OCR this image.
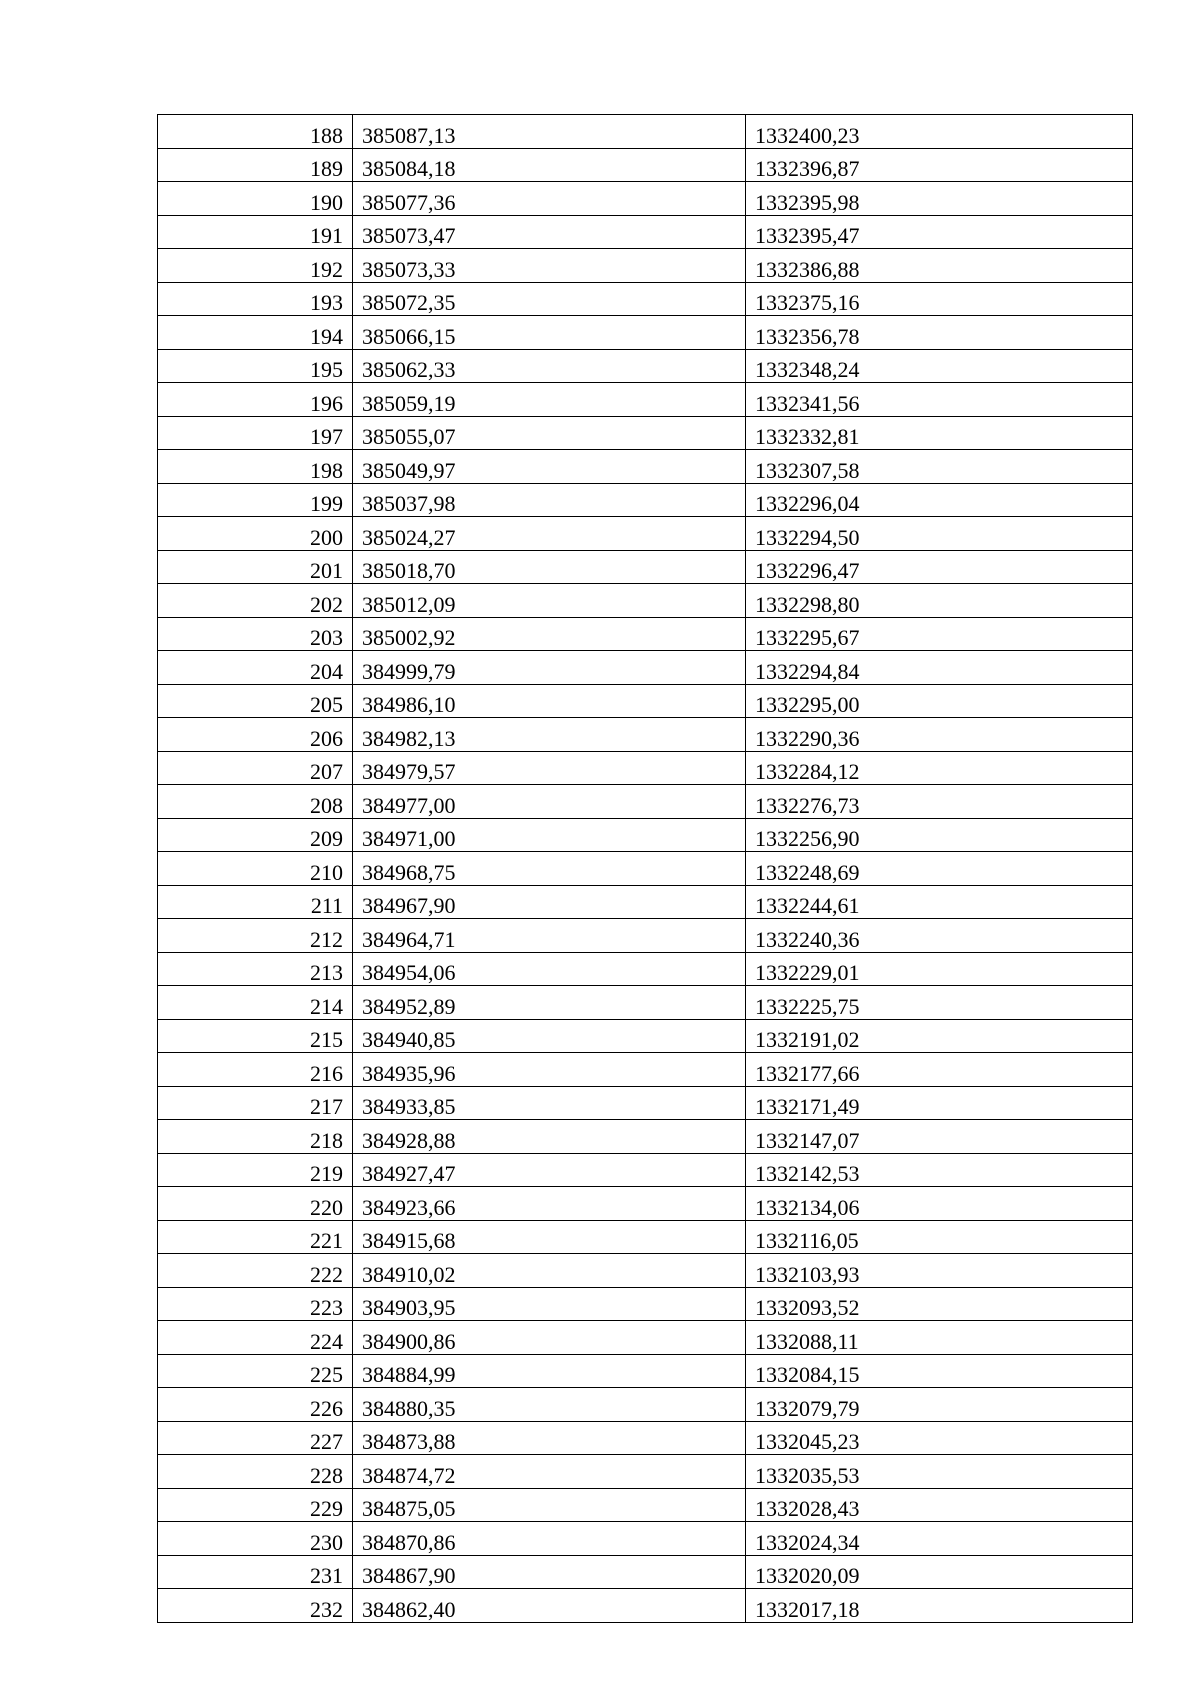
188	385087,13	1332400,23
189	385084,18	1332396,87
190	385077,36	1332395,98
191	385073,47	1332395,47
192	385073,33	1332386,88
193	385072,35	1332375,16
194	385066,15	1332356,78
195	385062,33	1332348,24
196	385059,19	1332341,56
197	385055,07	1332332,81
198	385049,97	1332307,58
199	385037,98	1332296,04
200	385024,27	1332294,50
201	385018,70	1332296,47
202	385012,09	1332298,80
203	385002,92	1332295,67
204	384999,79	1332294,84
205	384986,10	1332295,00
206	384982,13	1332290,36
207	384979,57	1332284,12
208	384977,00	1332276,73
209	384971,00	1332256,90
210	384968,75	1332248,69
211	384967,90	1332244,61
212	384964,71	1332240,36
213	384954,06	1332229,01
214	384952,89	1332225,75
215	384940,85	1332191,02
216	384935,96	1332177,66
217	384933,85	1332171,49
218	384928,88	1332147,07
219	384927,47	1332142,53
220	384923,66	1332134,06
221	384915,68	1332116,05
222	384910,02	1332103,93
223	384903,95	1332093,52
224	384900,86	1332088,11
225	384884,99	1332084,15
226	384880,35	1332079,79
227	384873,88	1332045,23
228	384874,72	1332035,53
229	384875,05	1332028,43
230	384870,86	1332024,34
231	384867,90	1332020,09
232	384862,40	1332017,18
